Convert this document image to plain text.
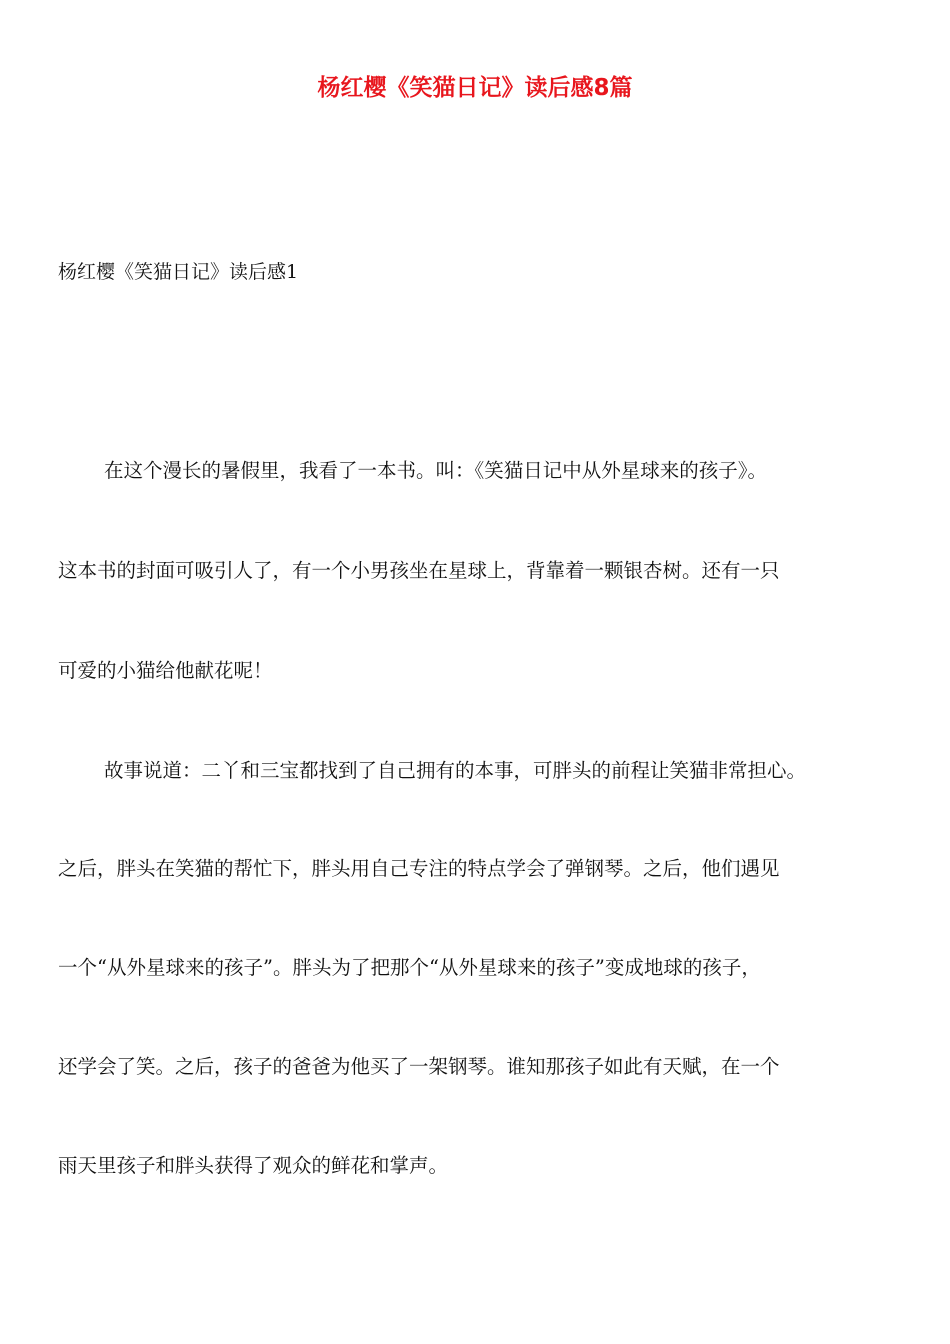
杨红樱《笑猫日记》读后感8篇
杨红樱《笑猫日记》读后感1

在这个漫长的暑假里，我看了一本书。叫：《笑猫日记中从外星球来的孩子》。

这本书的封面可吸引人了，有一个小男孩坐在星球上，背靠着一颗银杏树。还有一只

可爱的小猫给他献花呢！

故事说道：二丫和三宝都找到了自己拥有的本事，可胖头的前程让笑猫非常担心。

之后，胖头在笑猫的帮忙下，胖头用自己专注的特点学会了弹钢琴。之后，他们遇见

一个“从外星球来的孩子”。胖头为了把那个“从外星球来的孩子”变成地球的孩子，

还学会了笑。之后，孩子的爸爸为他买了一架钢琴。谁知那孩子如此有天赋，在一个

雨天里孩子和胖头获得了观众的鲜花和掌声。
